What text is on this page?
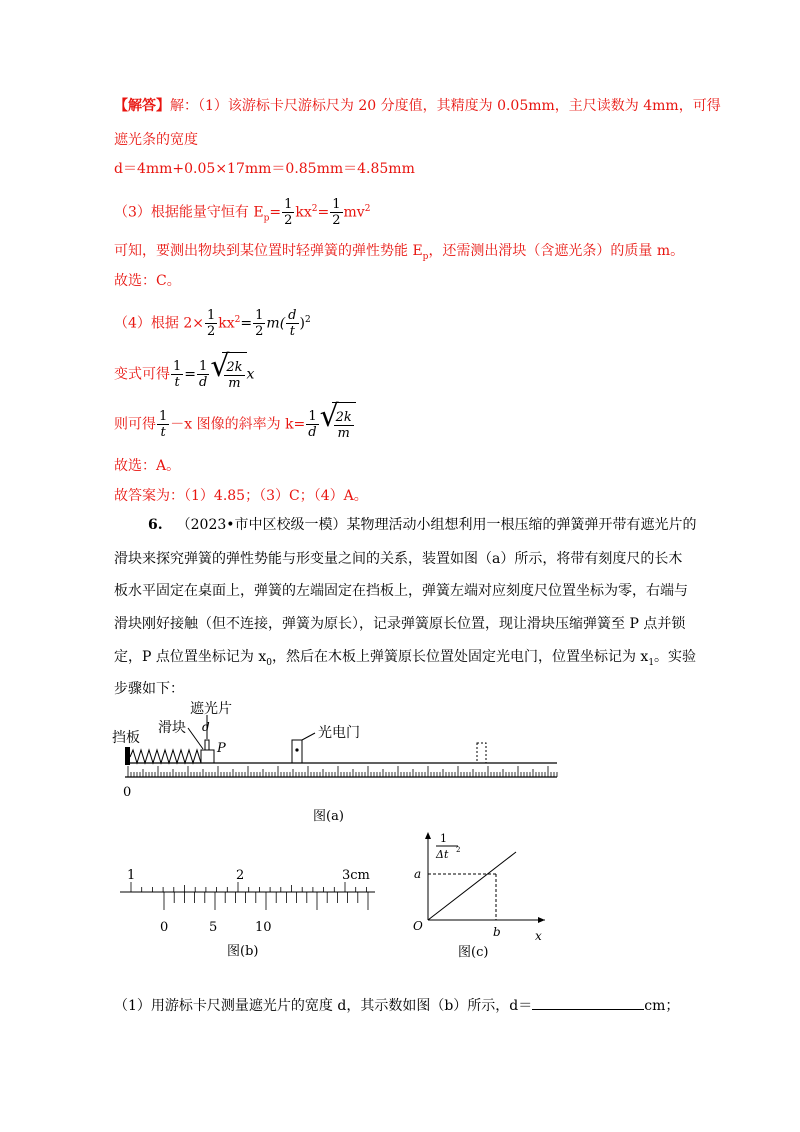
【解答】解：（1）该游标卡尺游标尺为 20 分度值，其精度为 0.05mm，主尺读数为 4mm，可得
遮光条的宽度
d＝4mm+0.05×17mm＝0.85mm＝4.85mm
（3）根据能量守恒有 $E_p= \frac{1}{2} kx^2= \frac{1}{2} mv^2$
可知，要测出物块到某位置时轻弹簧的弹性势能 $E_p$，还需测出滑块（含遮光条）的质量 m。
故选：C。
（4）根据 $2\times \frac{1}{2} kx^2= \frac{1}{2} m( \frac{d}{t} )^2$
变式可得 $\frac{1}{t} = \frac{1}{d}$ √
$\frac{2k}{m}$ x
则可得 $\frac{1}{t} -x$ 图像的斜率为 $k= \frac{1}{d}$ √
$\frac{2k}{m}$
故选：A。
故答案为：（1）4.85；（3）C；（4）A。
6. （2023•市中区校级一模）某物理活动小组想利用一根压缩的弹簧弹开带有遮光片的
滑块来探究弹簧的弹性势能与形变量之间的关系，装置如图（a）所示，将带有刻度尺的长木
板水平固定在桌面上，弹簧的左端固定在挡板上，弹簧左端对应刻度尺位置坐标为零，右端与
滑块刚好接触（但不连接，弹簧为原长），记录弹簧原长位置，现让滑块压缩弹簧至 P 点并锁
定，P 点位置坐标记为 $x_0$，然后在木板上弹簧原长位置处固定光电门，位置坐标记为 $x_1$。实验
步骤如下：
挡板
滑块
遮光片
d
P
光电门
0
图(a)
1	2	3cm
0	5	10
图(b)
1
Δt 2
a
b
O
x
图(c)
（1）用游标卡尺测量遮光片的宽度 d，其示数如图（b）所示，d＝	cm；
